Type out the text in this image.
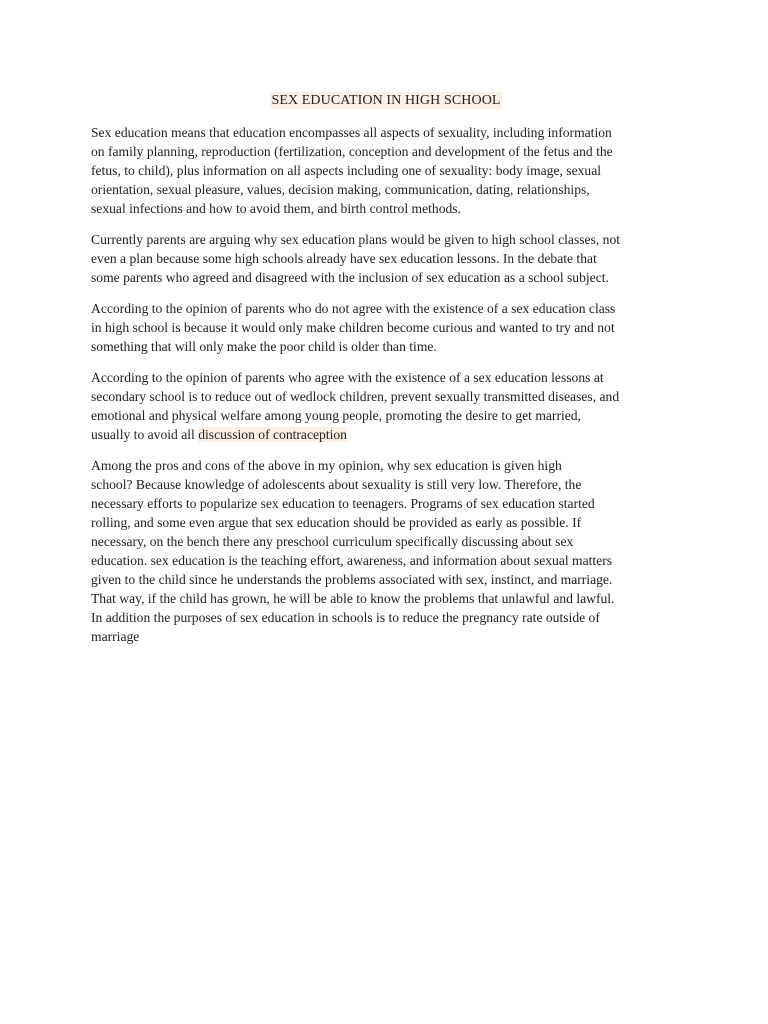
SEX EDUCATION IN HIGH SCHOOL

Sex education means that education encompasses all aspects of sexuality, including information
on family planning, reproduction (fertilization, conception and development of the fetus and the
fetus, to child), plus information on all aspects including one of sexuality: body image, sexual
orientation, sexual pleasure, values, decision making, communication, dating, relationships,
sexual infections and how to avoid them, and birth control methods.

Currently parents are arguing why sex education plans would be given to high school classes, not
even a plan because some high schools already have sex education lessons. In the debate that
some parents who agreed and disagreed with the inclusion of sex education as a school subject.

According to the opinion of parents who do not agree with the existence of a sex education class
in high school is because it would only make children become curious and wanted to try and not
something that will only make the poor child is older than time.

According to the opinion of parents who agree with the existence of a sex education lessons at
secondary school is to reduce out of wedlock children, prevent sexually transmitted diseases, and
emotional and physical welfare among young people, promoting the desire to get married,
usually to avoid all discussion of contraception

Among the pros and cons of the above in my opinion, why sex education is given high
school? Because knowledge of adolescents about sexuality is still very low. Therefore, the
necessary efforts to popularize sex education to teenagers. Programs of sex education started
rolling, and some even argue that sex education should be provided as early as possible. If
necessary, on the bench there any preschool curriculum specifically discussing about sex
education. sex education is the teaching effort, awareness, and information about sexual matters
given to the child since he understands the problems associated with sex, instinct, and marriage.
That way, if the child has grown, he will be able to know the problems that unlawful and lawful.
In addition the purposes of sex education in schools is to reduce the pregnancy rate outside of
marriage
